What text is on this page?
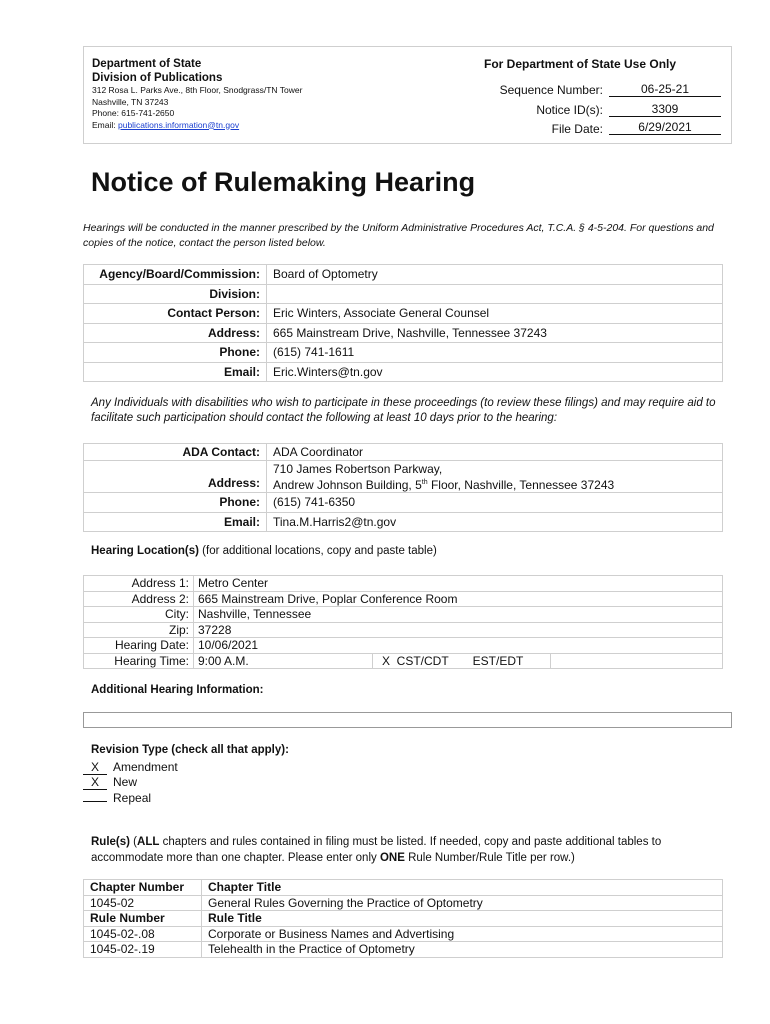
Department of State
Division of Publications
312 Rosa L. Parks Ave., 8th Floor, Snodgrass/TN Tower
Nashville, TN 37243
Phone: 615-741-2650
Email: publications.information@tn.gov
For Department of State Use Only
Sequence Number:	06-25-21
Notice ID(s):	3309
File Date:	6/29/2021
Notice of Rulemaking Hearing
Hearings will be conducted in the manner prescribed by the Uniform Administrative Procedures Act, T.C.A. § 4-5-204. For questions and copies of the notice, contact the person listed below.
Agency/Board/Commission:	Board of Optometry
Division:	
Contact Person:	Eric Winters, Associate General Counsel
Address:	665 Mainstream Drive, Nashville, Tennessee 37243
Phone:	(615) 741-1611
Email:	Eric.Winters@tn.gov
Any Individuals with disabilities who wish to participate in these proceedings (to review these filings) and may require aid to facilitate such participation should contact the following at least 10 days prior to the hearing:
ADA Contact:	ADA Coordinator
Address:	710 James Robertson Parkway,
Andrew Johnson Building, 5th Floor, Nashville, Tennessee 37243

Phone:	(615) 741-6350
Email:	Tina.M.Harris2@tn.gov
Hearing Location(s) (for additional locations, copy and paste table)
Address 1:	Metro Center		
Address 2:	665 Mainstream Drive, Poplar Conference Room		
City:	Nashville, Tennessee		
Zip:	37228		
Hearing Date:	10/06/2021		
Hearing Time:	9:00 A.M.	X  CST/CDT EST/EDT	
Additional Hearing Information:
Revision Type (check all that apply):
X Amendment
X New
Repeal
Rule(s) (ALL chapters and rules contained in filing must be listed. If needed, copy and paste additional tables to accommodate more than one chapter. Please enter only ONE Rule Number/Rule Title per row.)
Chapter Number	Chapter Title
1045-02	General Rules Governing the Practice of Optometry
Rule Number	Rule Title
1045-02-.08	Corporate or Business Names and Advertising
1045-02-.19	Telehealth in the Practice of Optometry
